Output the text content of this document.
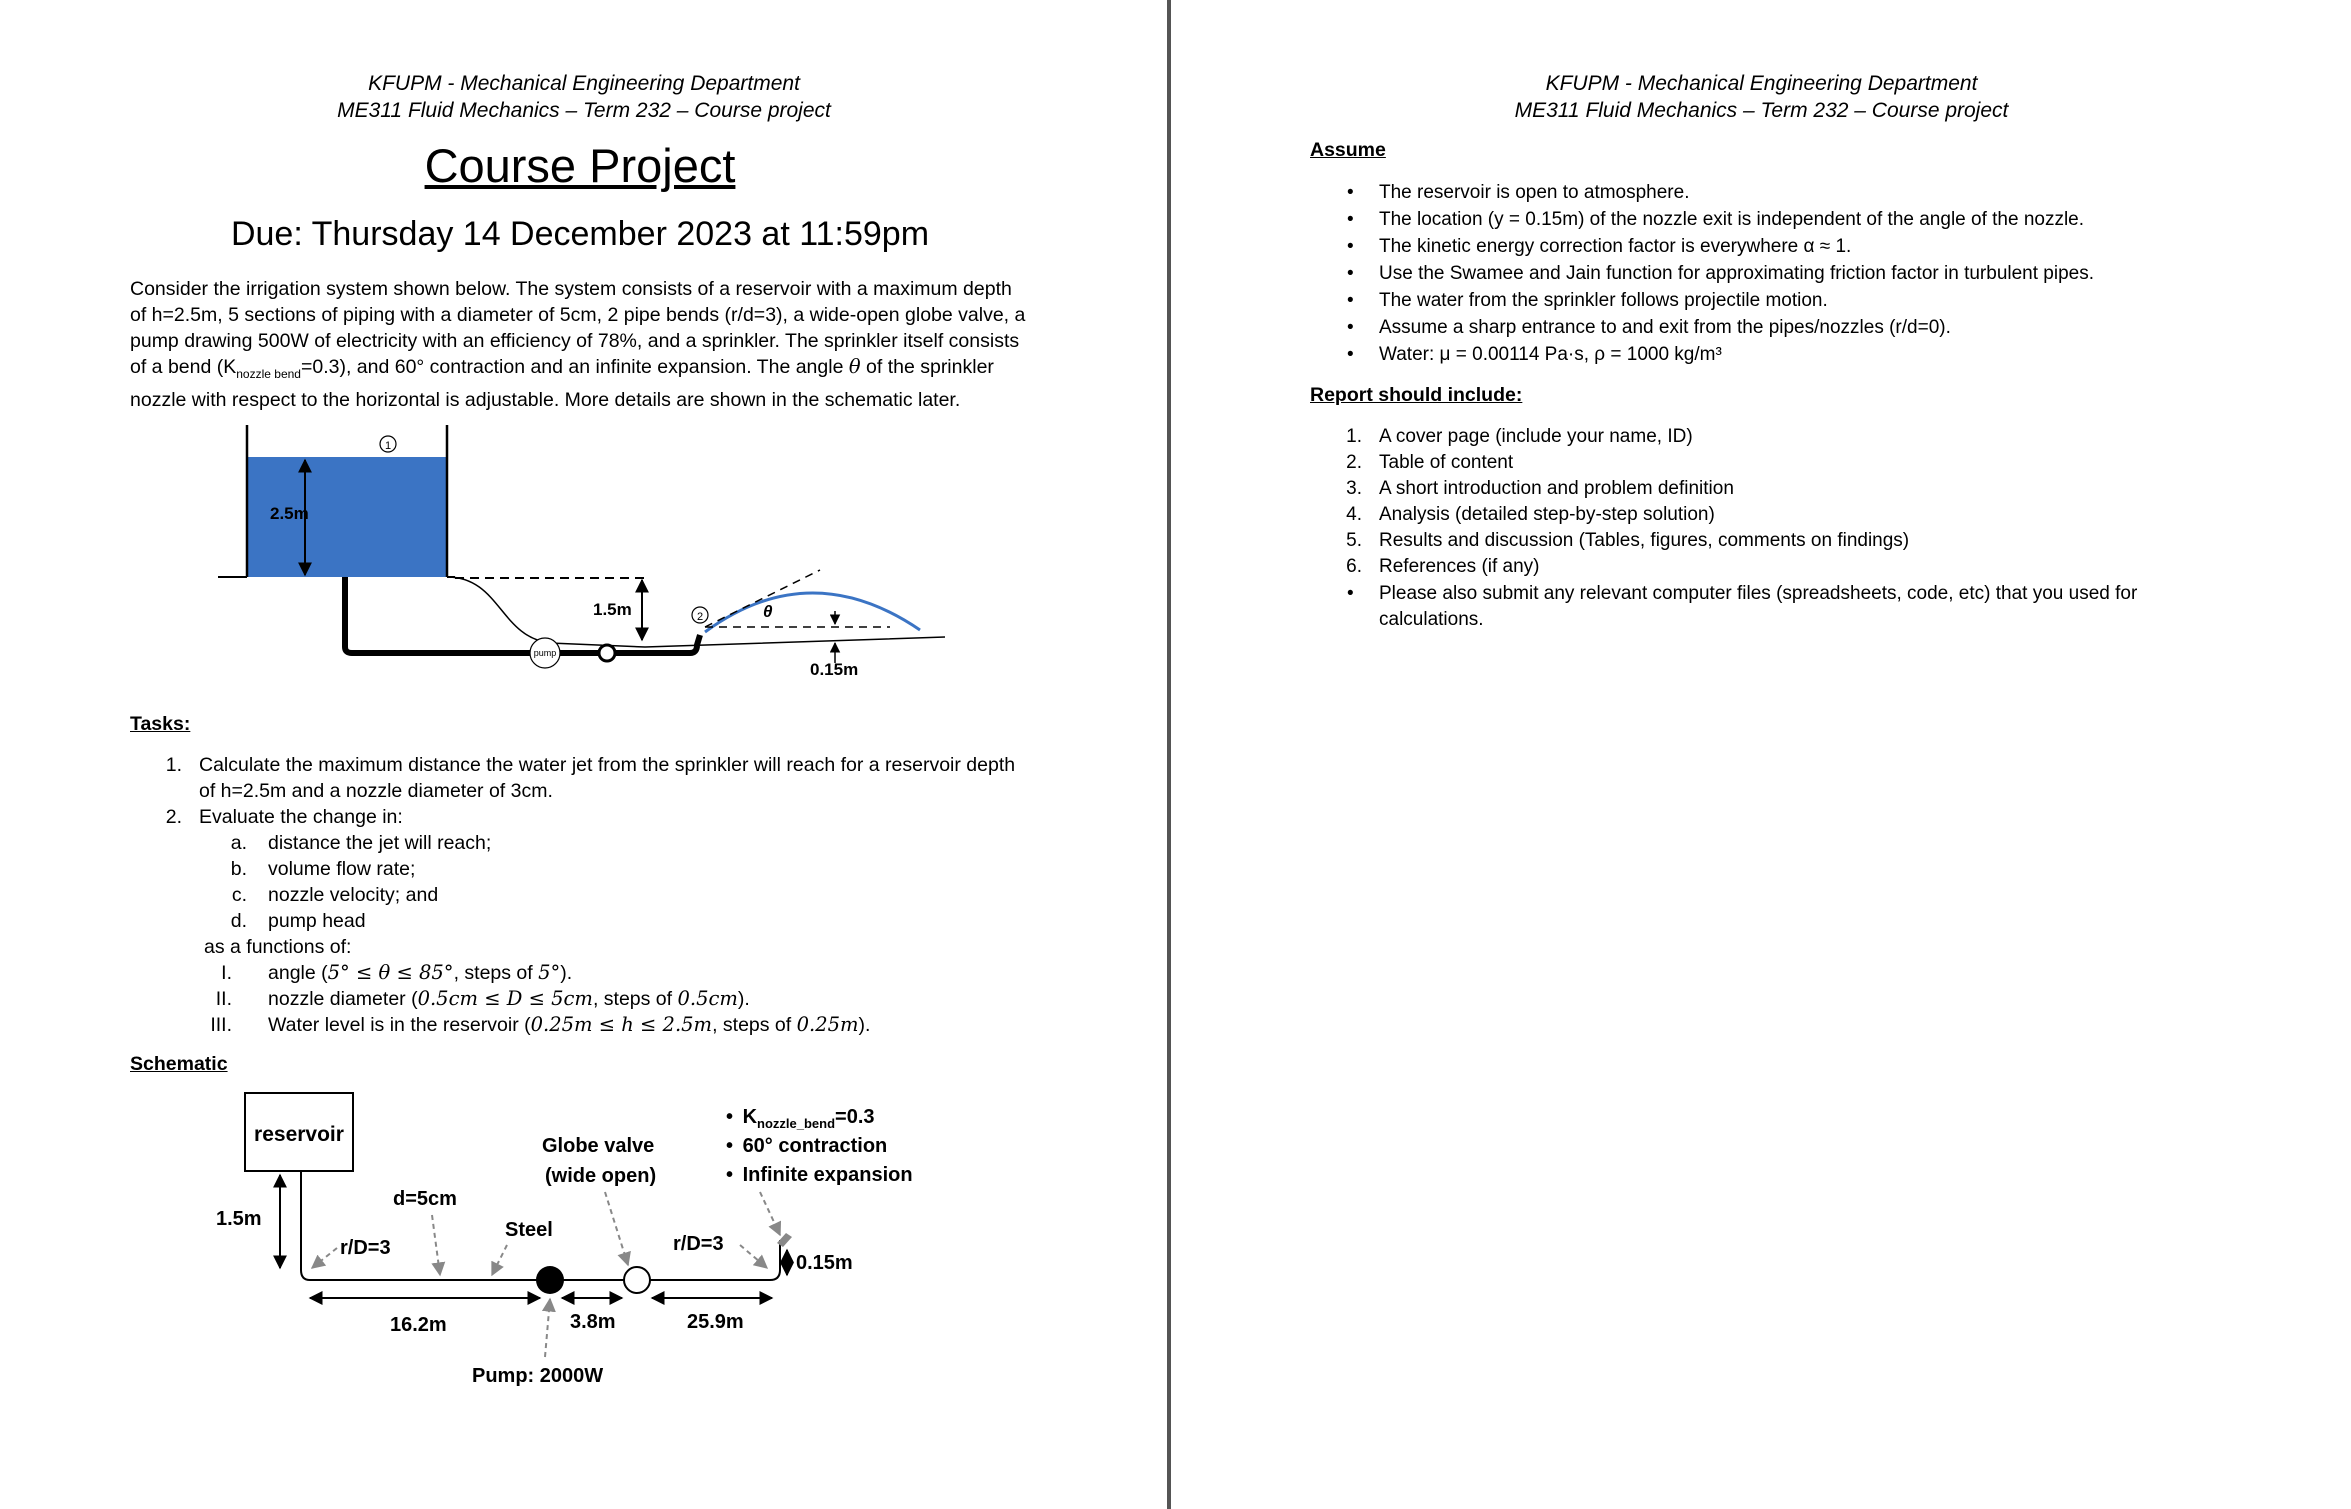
KFUPM - Mechanical Engineering Department
ME311 Fluid Mechanics – Term 232 – Course project
Course Project
Due: Thursday 14 December 2023 at 11:59pm
Consider the irrigation system shown below. The system consists of a reservoir with a maximum depth
of h=2.5m, 5 sections of piping with a diameter of 5cm, 2 pipe bends (r/d=3), a wide-open globe valve, a
pump drawing 500W of electricity with an efficiency of 78%, and a sprinkler. The sprinkler itself consists
of a bend $(K_{nozzle bend}=0.3)$, and 60° contraction and an infinite expansion. The angle θ of the sprinkler
nozzle with respect to the horizontal is adjustable. More details are shown in the schematic later.
2.5m
1
1.5m
pump
2	θ
0.15m
Tasks:
1. Calculate the maximum distance the water jet from the sprinkler will reach for a reservoir depth
of h=2.5m and a nozzle diameter of 3cm.
2. Evaluate the change in:
a. distance the jet will reach;
b. volume flow rate;
c. nozzle velocity; and
d. pump head
as a functions of:
I. angle (5° ≤ θ ≤ 85°, steps of 5°).
II. nozzle diameter (0.5cm ≤ D ≤ 5cm, steps of 0.5cm).
III. Water level is in the reservoir (0.25m ≤ h ≤ 2.5m, steps of 0.25m).
Schematic
reservoir
1.5m
r/D=3
d=5cm
Steel
Globe valve
(wide open)
r/D=3
0.15m
• $K_{nozzle\_bend}=0.3$
• 60° contraction
• Infinite expansion
16.2m	3.8m	25.9m
Pump: 2000W
KFUPM - Mechanical Engineering Department
ME311 Fluid Mechanics – Term 232 – Course project
Assume
• The reservoir is open to atmosphere.
• The location (y = 0.15m) of the nozzle exit is independent of the angle of the nozzle.
• The kinetic energy correction factor is everywhere α ≈ 1.
• Use the Swamee and Jain function for approximating friction factor in turbulent pipes.
• The water from the sprinkler follows projectile motion.
• Assume a sharp entrance to and exit from the pipes/nozzles (r/d=0).
• Water: μ = 0.00114 Pa·s, ρ = 1000 kg/m³
Report should include:
1. A cover page (include your name, ID)
2. Table of content
3. A short introduction and problem definition
4. Analysis (detailed step-by-step solution)
5. Results and discussion (Tables, figures, comments on findings)
6. References (if any)
• Please also submit any relevant computer files (spreadsheets, code, etc) that you used for
calculations.
